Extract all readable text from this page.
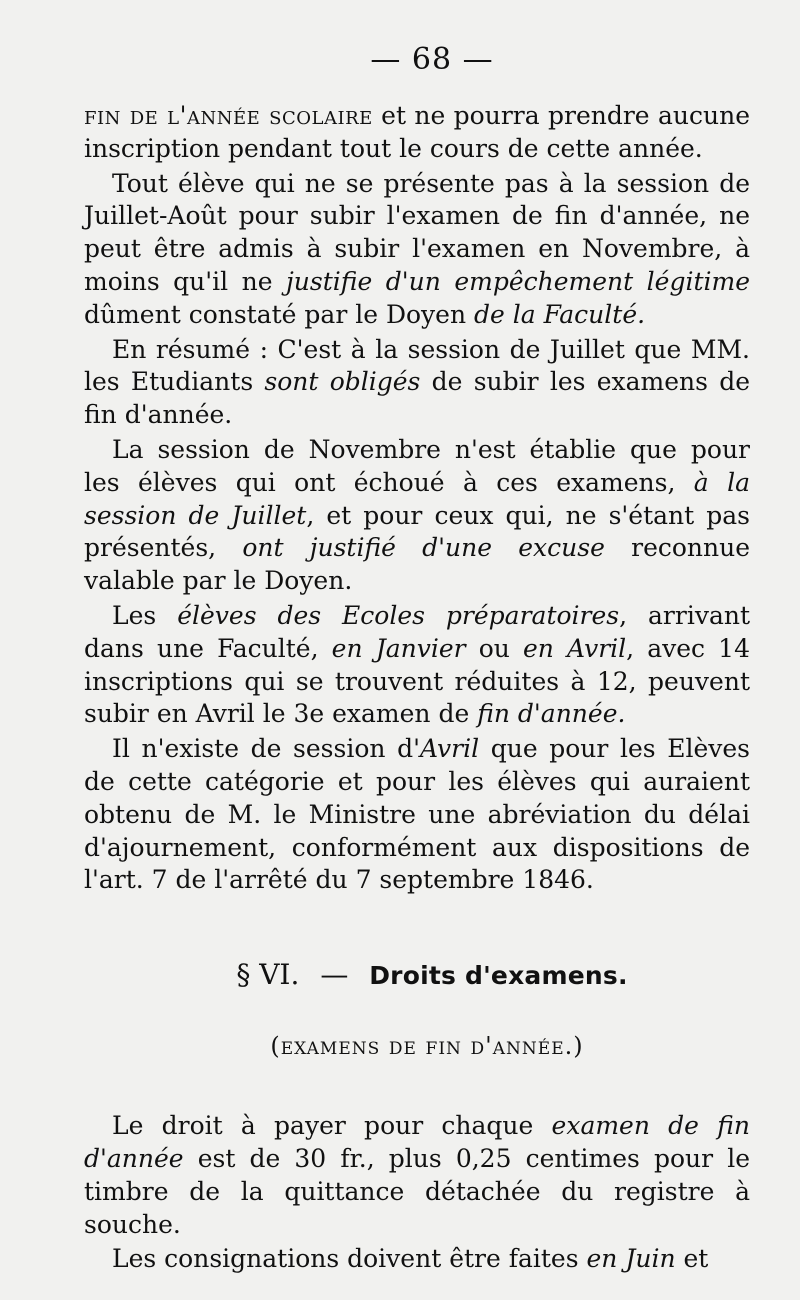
— 68 —

fin de l'année scolaire et ne pourra prendre aucune inscription pendant tout le cours de cette année.

Tout élève qui ne se présente pas à la session de Juillet-Août pour subir l'examen de fin d'année, ne peut être admis à subir l'examen en Novembre, à moins qu'il ne justifie d'un empêchement légitime dûment constaté par le Doyen de la Faculté.

En résumé : C'est à la session de Juillet que MM. les Etudiants sont obligés de subir les examens de fin d'année.

La session de Novembre n'est établie que pour les élèves qui ont échoué à ces examens, à la session de Juillet, et pour ceux qui, ne s'étant pas présentés, ont justifié d'une excuse reconnue valable par le Doyen.

Les élèves des Ecoles préparatoires, arrivant dans une Faculté, en Janvier ou en Avril, avec 14 inscriptions qui se trouvent réduites à 12, peuvent subir en Avril le 3e examen de fin d'année.

Il n'existe de session d'Avril que pour les Elèves de cette catégorie et pour les élèves qui auraient obtenu de M. le Ministre une abréviation du délai d'ajournement, conformément aux dispositions de l'art. 7 de l'arrêté du 7 septembre 1846.

§ VI. — Droits d'examens.
(examens de fin d'année.)

Le droit à payer pour chaque examen de fin d'année est de 30 fr., plus 0,25 centimes pour le timbre de la quittance détachée du registre à souche.

Les consignations doivent être faites en Juin et
